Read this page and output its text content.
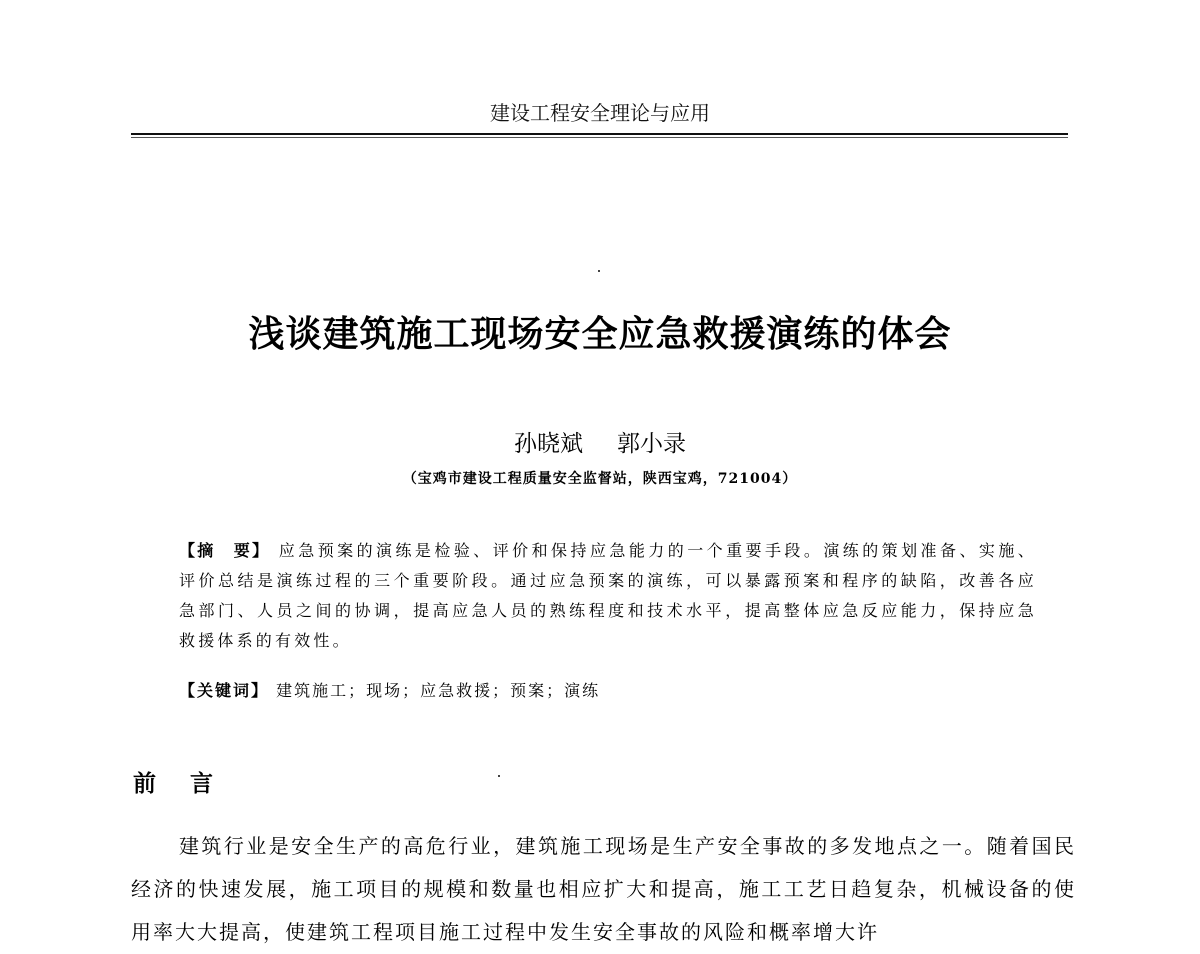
建设工程安全理论与应用
浅谈建筑施工现场安全应急救援演练的体会
孙晓斌 郭小录
（宝鸡市建设工程质量安全监督站，陕西宝鸡，721004）
【摘　要】 应急预案的演练是检验、评价和保持应急能力的一个重要手段。演练的策划准备、实施、评价总结是演练过程的三个重要阶段。通过应急预案的演练，可以暴露预案和程序的缺陷，改善各应急部门、人员之间的协调，提高应急人员的熟练程度和技术水平，提高整体应急反应能力，保持应急救援体系的有效性。
【关键词】 建筑施工；现场；应急救援；预案；演练
前言
建筑行业是安全生产的高危行业，建筑施工现场是生产安全事故的多发地点之一。随着国民经济的快速发展，施工项目的规模和数量也相应扩大和提高，施工工艺日趋复杂，机械设备的使用率大大提高，使建筑工程项目施工过程中发生安全事故的风险和概率增大许
